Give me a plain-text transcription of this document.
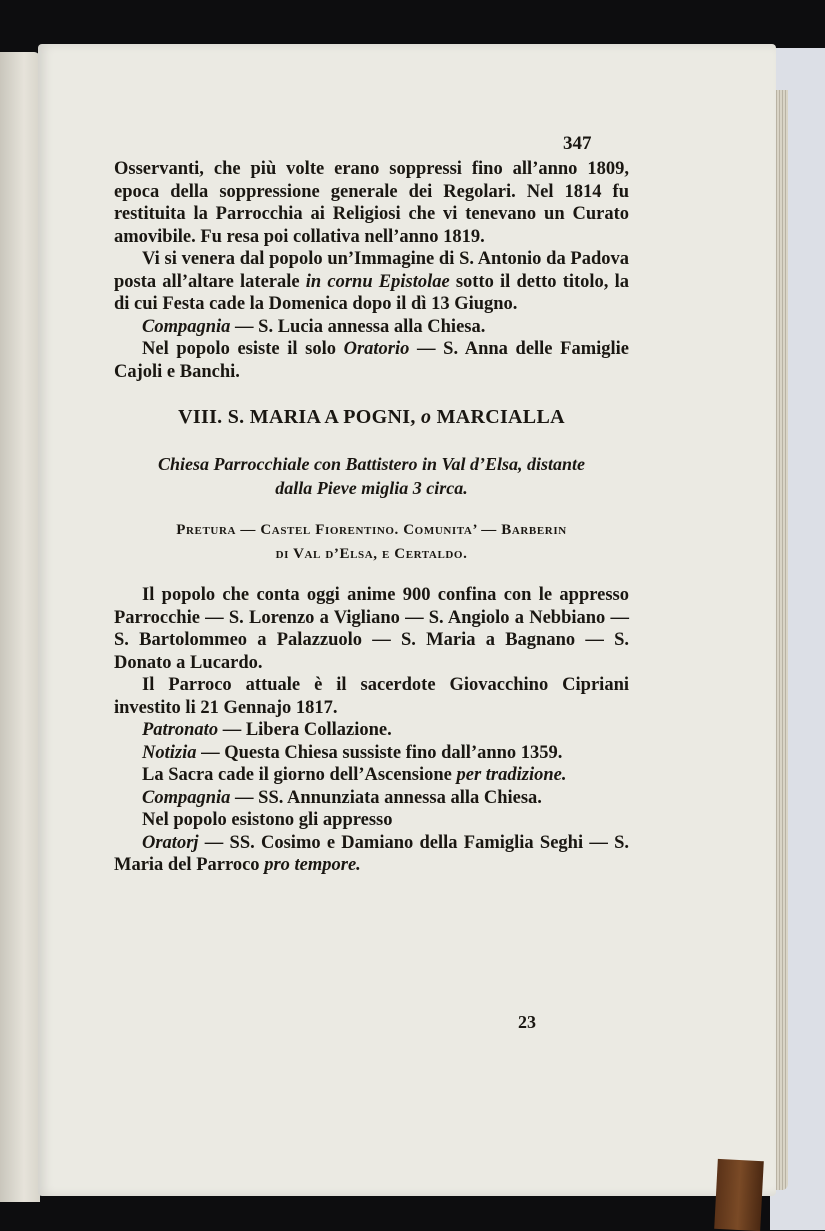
347

Osservanti, che più volte erano soppressi fino all’anno 1809, epoca della soppressione generale dei Regolari. Nel 1814 fu restituita la Parrocchia ai Religiosi che vi tenevano un Curato amovibile. Fu resa poi collativa nell’anno 1819.

Vi si venera dal popolo un’Immagine di S. Antonio da Padova posta all’altare laterale in cornu Epistolae sotto il detto titolo, la di cui Festa cade la Domenica dopo il dì 13 Giugno.

Compagnia — S. Lucia annessa alla Chiesa.

Nel popolo esiste il solo Oratorio — S. Anna delle Famiglie Cajoli e Banchi.

VIII. S. MARIA A POGNI, o MARCIALLA
Chiesa Parrocchiale con Battistero in Val d’Elsa, distante
dalla Pieve miglia 3 circa.
Pretura — Castel Fiorentino. Comunita’ — Barberin
di Val d’Elsa, e Certaldo.

Il popolo che conta oggi anime 900 confina con le appresso Parrocchie — S. Lorenzo a Vigliano — S. Angiolo a Nebbiano — S. Bartolommeo a Palazzuolo — S. Maria a Bagnano — S. Donato a Lucardo.

Il Parroco attuale è il sacerdote Giovacchino Cipriani investito li 21 Gennajo 1817.

Patronato — Libera Collazione.

Notizia — Questa Chiesa sussiste fino dall’anno 1359.

La Sacra cade il giorno dell’Ascensione per tradizione.

Compagnia — SS. Annunziata annessa alla Chiesa.

Nel popolo esistono gli appresso

Oratorj — SS. Cosimo e Damiano della Famiglia Seghi — S. Maria del Parroco pro tempore.

23
